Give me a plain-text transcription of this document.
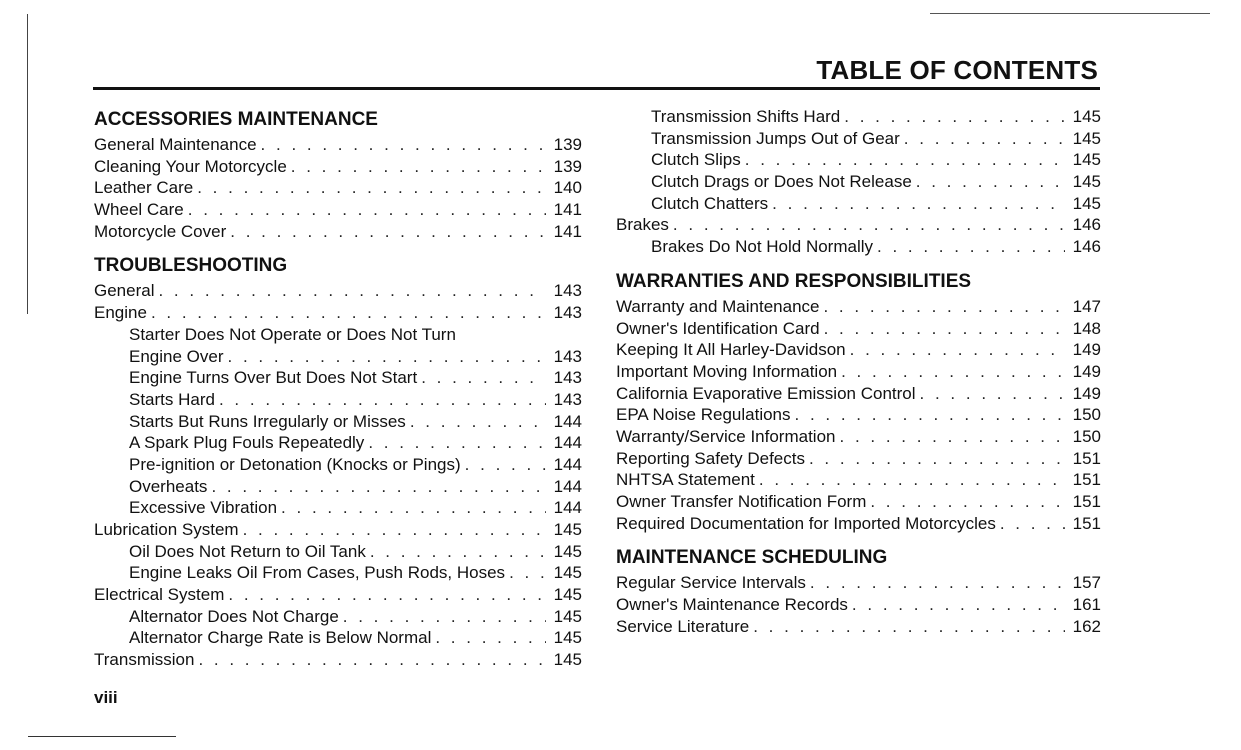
TABLE OF CONTENTS
ACCESSORIES MAINTENANCE
General Maintenance . . .	139
Cleaning Your Motorcycle . . .	139
Leather Care . . .	140
Wheel Care . . .	141
Motorcycle Cover . . .	141
TROUBLESHOOTING
General . . .	143
Engine . . .	143
Starter Does Not Operate or Does Not Turn
Engine Over . . .	143
Engine Turns Over But Does Not Start . . .	143
Starts Hard . . .	143
Starts But Runs Irregularly or Misses . . .	144
A Spark Plug Fouls Repeatedly . . .	144
Pre-ignition or Detonation (Knocks or Pings) . . .	144
Overheats . . .	144
Excessive Vibration . . .	144
Lubrication System . . .	145
Oil Does Not Return to Oil Tank . . .	145
Engine Leaks Oil From Cases, Push Rods, Hoses . . .	145
Electrical System . . .	145
Alternator Does Not Charge . . .	145
Alternator Charge Rate is Below Normal . . .	145
Transmission . . .	145
Transmission Shifts Hard . . .	145
Transmission Jumps Out of Gear . . .	145
Clutch Slips . . .	145
Clutch Drags or Does Not Release . . .	145
Clutch Chatters . . .	145
Brakes . . .	146
Brakes Do Not Hold Normally . . .	146
WARRANTIES AND RESPONSIBILITIES
Warranty and Maintenance . . .	147
Owner's Identification Card . . .	148
Keeping It All Harley-Davidson . . .	149
Important Moving Information . . .	149
California Evaporative Emission Control . . .	149
EPA Noise Regulations . . .	150
Warranty/Service Information . . .	150
Reporting Safety Defects . . .	151
NHTSA Statement . . .	151
Owner Transfer Notification Form . . .	151
Required Documentation for Imported Motorcycles . . .	151
MAINTENANCE SCHEDULING
Regular Service Intervals . . .	157
Owner's Maintenance Records . . .	161
Service Literature . . .	162
viii
